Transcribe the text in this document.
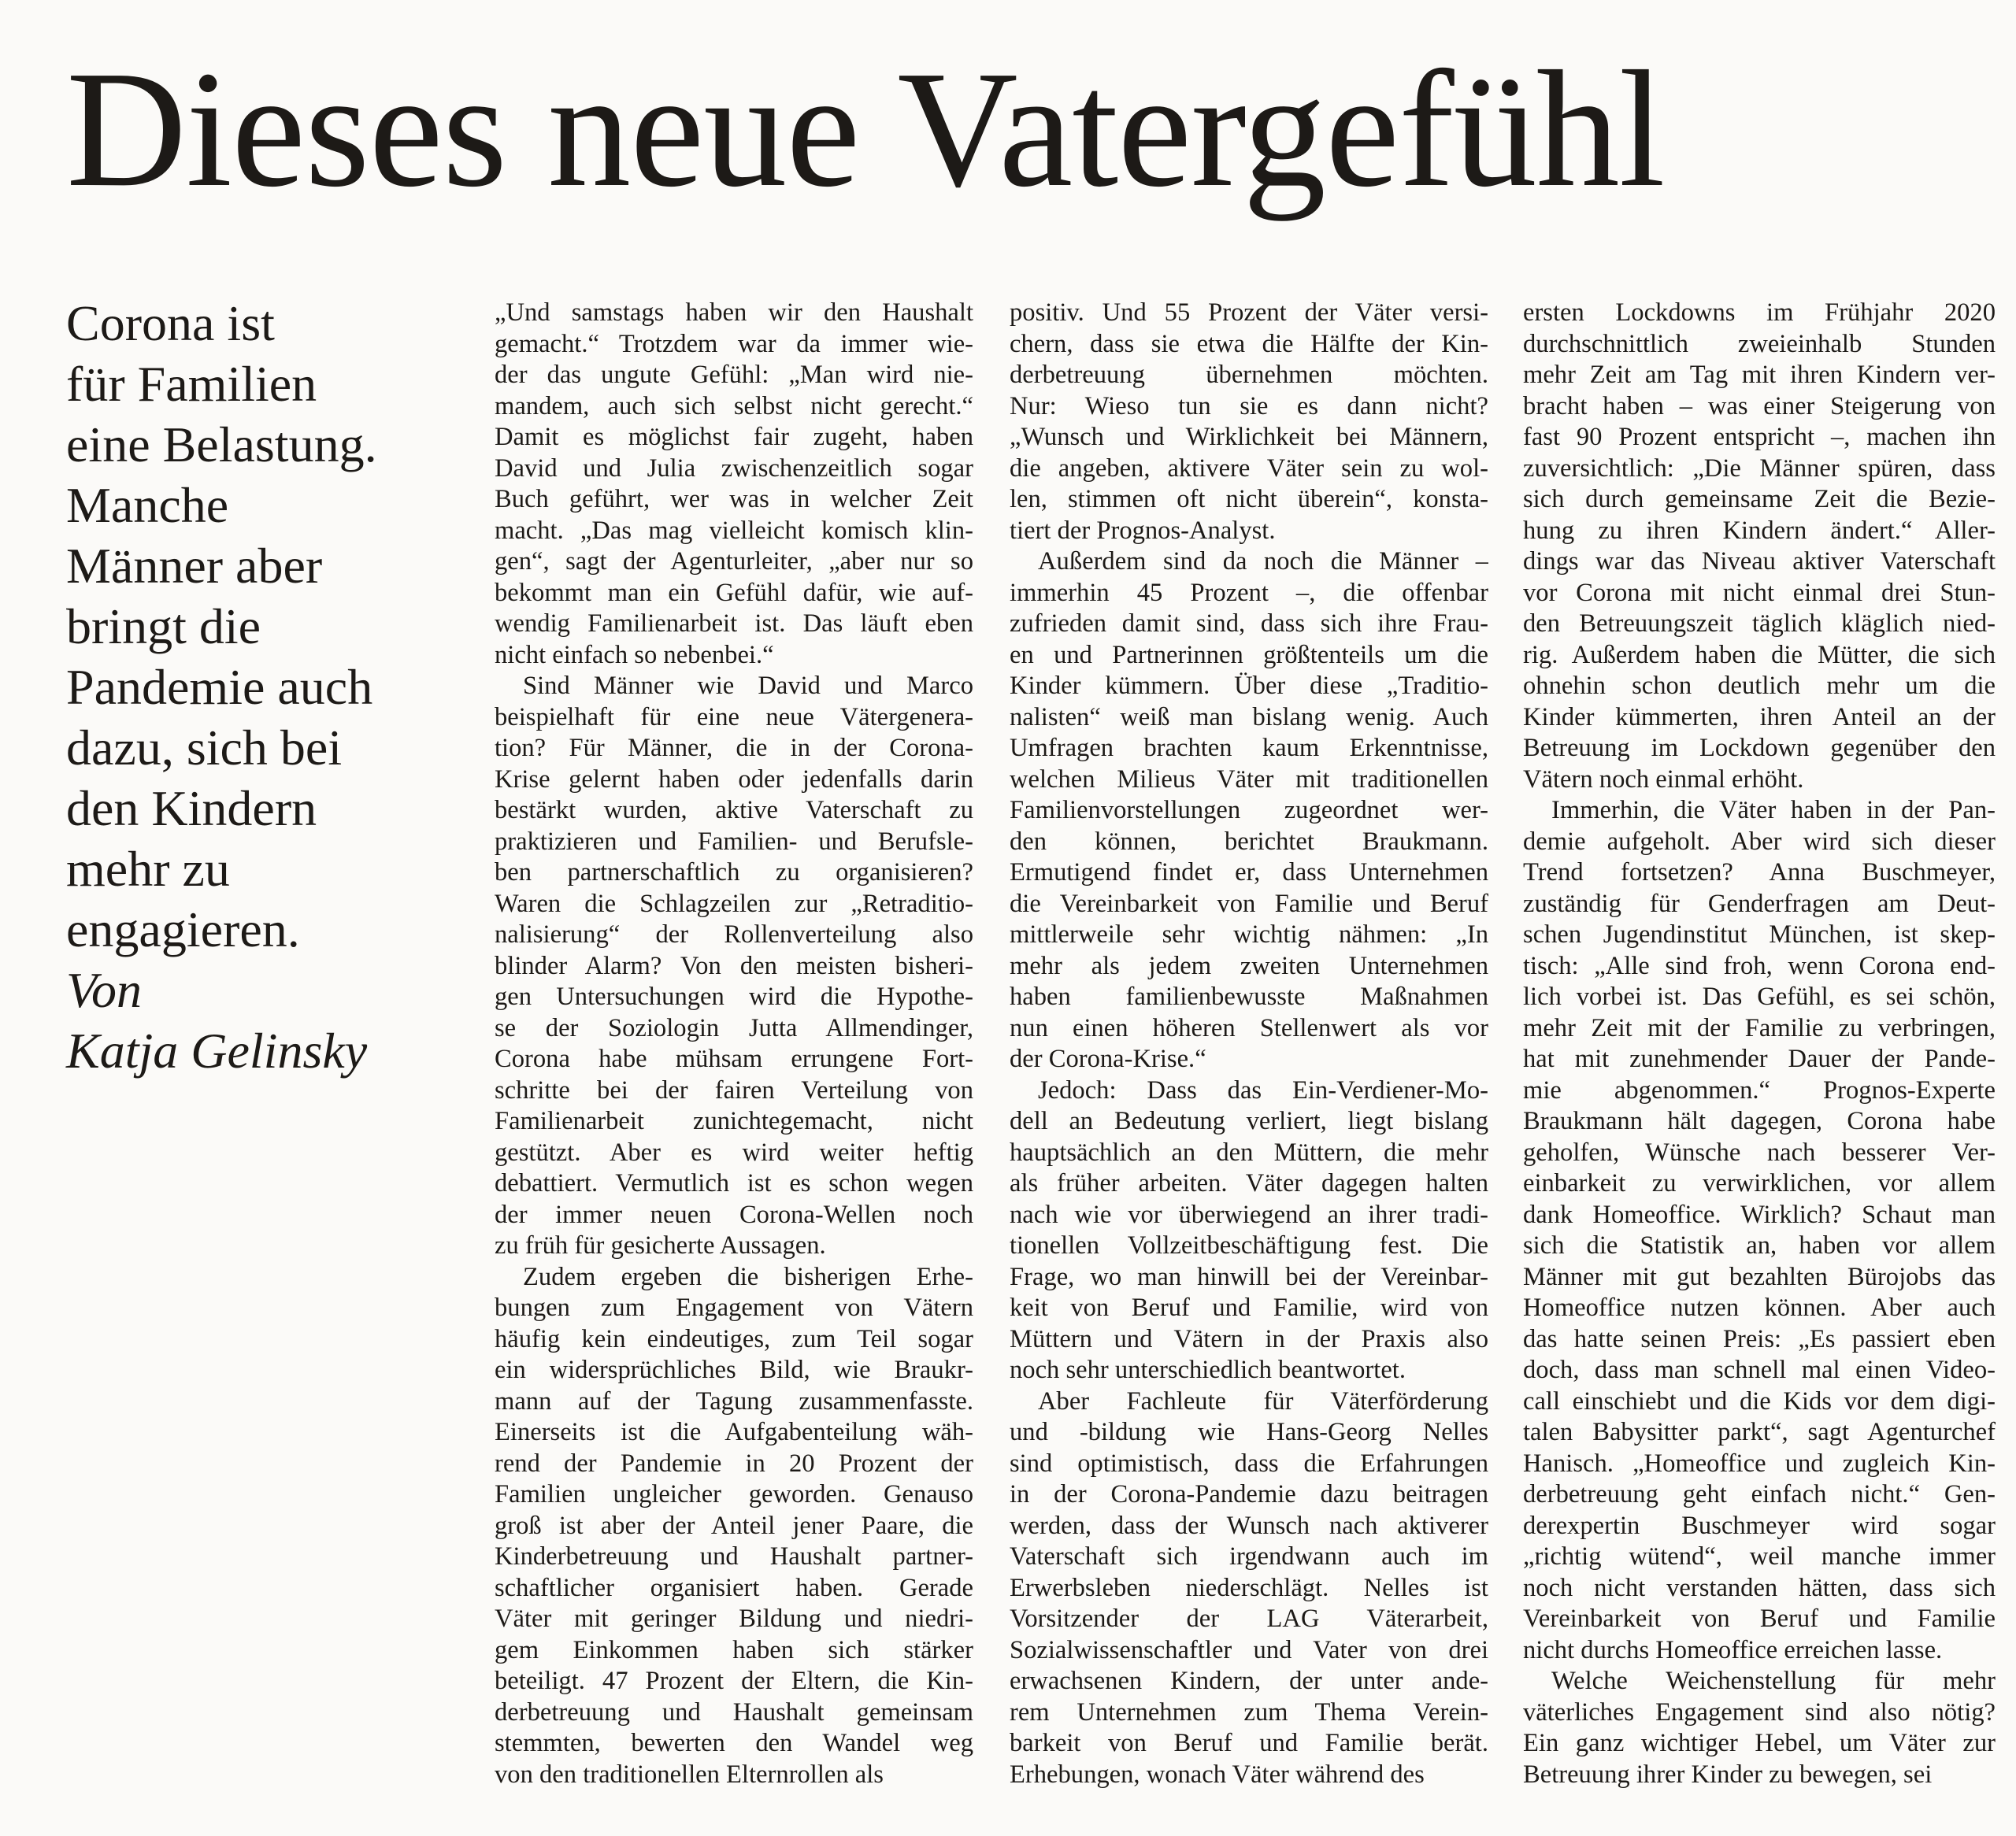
Dieses neue Vatergefühl
Corona ist
für Familien
eine Belastung.
Manche
Männer aber
bringt die
Pandemie auch
dazu, sich bei
den Kindern
mehr zu
engagieren.
Von
Katja Gelinsky

„Und samstags haben wir den Haushalt

gemacht.“ Trotzdem war da immer wie-

der das ungute Gefühl: „Man wird nie-

mandem, auch sich selbst nicht gerecht.“

Damit es möglichst fair zugeht, haben

David und Julia zwischenzeitlich sogar

Buch geführt, wer was in welcher Zeit

macht. „Das mag vielleicht komisch klin-

gen“, sagt der Agenturleiter, „aber nur so

bekommt man ein Gefühl dafür, wie auf-

wendig Familienarbeit ist. Das läuft eben

nicht einfach so nebenbei.“

Sind Männer wie David und Marco

beispielhaft für eine neue Vätergenera-

tion? Für Männer, die in der Corona-

Krise gelernt haben oder jedenfalls darin

bestärkt wurden, aktive Vaterschaft zu

praktizieren und Familien- und Berufsle-

ben partnerschaftlich zu organisieren?

Waren die Schlagzeilen zur „Retraditio-

nalisierung“ der Rollenverteilung also

blinder Alarm? Von den meisten bisheri-

gen Untersuchungen wird die Hypothe-

se der Soziologin Jutta Allmendinger,

Corona habe mühsam errungene Fort-

schritte bei der fairen Verteilung von

Familienarbeit zunichtegemacht, nicht

gestützt. Aber es wird weiter heftig

debattiert. Vermutlich ist es schon wegen

der immer neuen Corona-Wellen noch

zu früh für gesicherte Aussagen.

Zudem ergeben die bisherigen Erhe-

bungen zum Engagement von Vätern

häufig kein eindeutiges, zum Teil sogar

ein widersprüchliches Bild, wie Braukr-

mann auf der Tagung zusammenfasste.

Einerseits ist die Aufgabenteilung wäh-

rend der Pandemie in 20 Prozent der

Familien ungleicher geworden. Genauso

groß ist aber der Anteil jener Paare, die

Kinderbetreuung und Haushalt partner-

schaftlicher organisiert haben. Gerade

Väter mit geringer Bildung und niedri-

gem Einkommen haben sich stärker

beteiligt. 47 Prozent der Eltern, die Kin-

derbetreuung und Haushalt gemeinsam

stemmten, bewerten den Wandel weg

von den traditionellen Elternrollen als

positiv. Und 55 Prozent der Väter versi-

chern, dass sie etwa die Hälfte der Kin-

derbetreuung übernehmen möchten.

Nur: Wieso tun sie es dann nicht?

„Wunsch und Wirklichkeit bei Männern,

die angeben, aktivere Väter sein zu wol-

len, stimmen oft nicht überein“, konsta-

tiert der Prognos-Analyst.

Außerdem sind da noch die Männer –

immerhin 45 Prozent –, die offenbar

zufrieden damit sind, dass sich ihre Frau-

en und Partnerinnen größtenteils um die

Kinder kümmern. Über diese „Traditio-

nalisten“ weiß man bislang wenig. Auch

Umfragen brachten kaum Erkenntnisse,

welchen Milieus Väter mit traditionellen

Familienvorstellungen zugeordnet wer-

den können, berichtet Braukmann.

Ermutigend findet er, dass Unternehmen

die Vereinbarkeit von Familie und Beruf

mittlerweile sehr wichtig nähmen: „In

mehr als jedem zweiten Unternehmen

haben familienbewusste Maßnahmen

nun einen höheren Stellenwert als vor

der Corona-Krise.“

Jedoch: Dass das Ein-Verdiener-Mo-

dell an Bedeutung verliert, liegt bislang

hauptsächlich an den Müttern, die mehr

als früher arbeiten. Väter dagegen halten

nach wie vor überwiegend an ihrer tradi-

tionellen Vollzeitbeschäftigung fest. Die

Frage, wo man hinwill bei der Vereinbar-

keit von Beruf und Familie, wird von

Müttern und Vätern in der Praxis also

noch sehr unterschiedlich beantwortet.

Aber Fachleute für Väterförderung

und -bildung wie Hans-Georg Nelles

sind optimistisch, dass die Erfahrungen

in der Corona-Pandemie dazu beitragen

werden, dass der Wunsch nach aktiverer

Vaterschaft sich irgendwann auch im

Erwerbsleben niederschlägt. Nelles ist

Vorsitzender der LAG Väterarbeit,

Sozialwissenschaftler und Vater von drei

erwachsenen Kindern, der unter ande-

rem Unternehmen zum Thema Verein-

barkeit von Beruf und Familie berät.

Erhebungen, wonach Väter während des

ersten Lockdowns im Frühjahr 2020

durchschnittlich zweieinhalb Stunden

mehr Zeit am Tag mit ihren Kindern ver-

bracht haben – was einer Steigerung von

fast 90 Prozent entspricht –, machen ihn

zuversichtlich: „Die Männer spüren, dass

sich durch gemeinsame Zeit die Bezie-

hung zu ihren Kindern ändert.“ Aller-

dings war das Niveau aktiver Vaterschaft

vor Corona mit nicht einmal drei Stun-

den Betreuungszeit täglich kläglich nied-

rig. Außerdem haben die Mütter, die sich

ohnehin schon deutlich mehr um die

Kinder kümmerten, ihren Anteil an der

Betreuung im Lockdown gegenüber den

Vätern noch einmal erhöht.

Immerhin, die Väter haben in der Pan-

demie aufgeholt. Aber wird sich dieser

Trend fortsetzen? Anna Buschmeyer,

zuständig für Genderfragen am Deut-

schen Jugendinstitut München, ist skep-

tisch: „Alle sind froh, wenn Corona end-

lich vorbei ist. Das Gefühl, es sei schön,

mehr Zeit mit der Familie zu verbringen,

hat mit zunehmender Dauer der Pande-

mie abgenommen.“ Prognos-Experte

Braukmann hält dagegen, Corona habe

geholfen, Wünsche nach besserer Ver-

einbarkeit zu verwirklichen, vor allem

dank Homeoffice. Wirklich? Schaut man

sich die Statistik an, haben vor allem

Männer mit gut bezahlten Bürojobs das

Homeoffice nutzen können. Aber auch

das hatte seinen Preis: „Es passiert eben

doch, dass man schnell mal einen Video-

call einschiebt und die Kids vor dem digi-

talen Babysitter parkt“, sagt Agenturchef

Hanisch. „Homeoffice und zugleich Kin-

derbetreuung geht einfach nicht.“ Gen-

derexpertin Buschmeyer wird sogar

„richtig wütend“, weil manche immer

noch nicht verstanden hätten, dass sich

Vereinbarkeit von Beruf und Familie

nicht durchs Homeoffice erreichen lasse.

Welche Weichenstellung für mehr

väterliches Engagement sind also nötig?

Ein ganz wichtiger Hebel, um Väter zur

Betreuung ihrer Kinder zu bewegen, sei
